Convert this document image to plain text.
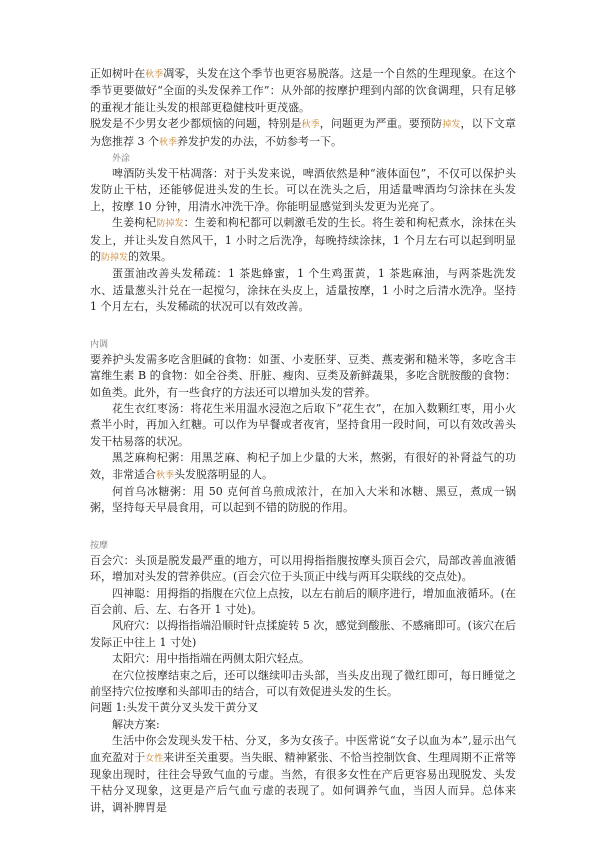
正如树叶在秋季凋零，头发在这个季节也更容易脱落。这是一个自然的生理现象。在这个季节更要做好“全面的头发保养工作”：从外部的按摩护理到内部的饮食调理，只有足够的重视才能让头发的根部更稳健枝叶更茂盛。

脱发是不少男女老少都烦恼的问题，特别是秋季，问题更为严重。要预防掉发，以下文章为您推荐 3 个秋季养发护发的办法，不妨参考一下。

外涂

啤酒防头发干枯凋落：对于头发来说，啤酒依然是种“液体面包”，不仅可以保护头发防止干枯，还能够促进头发的生长。可以在洗头之后，用适量啤酒均匀涂抹在头发上，按摩 10 分钟，用清水冲洗干净。你能明显感觉到头发更为光亮了。

生姜枸杞防掉发：生姜和枸杞都可以刺激毛发的生长。将生姜和枸杞煮水，涂抹在头发上，并让头发自然风干，1 小时之后洗净，每晚持续涂抹，1 个月左右可以起到明显的防掉发的效果。

蛋蛋油改善头发稀疏：1 茶匙蜂蜜，1 个生鸡蛋黄，1 茶匙麻油，与两茶匙洗发水、适量葱头汁兑在一起搅匀，涂抹在头皮上，适量按摩，1 小时之后清水洗净。坚持 1 个月左右，头发稀疏的状况可以有效改善。

内调

要养护头发需多吃含胆碱的食物：如蛋、小麦胚芽、豆类、燕麦粥和糙米等，多吃含丰富维生素 B 的食物：如全谷类、肝脏、瘦肉、豆类及新鲜蔬果，多吃含胱胺酸的食物：如鱼类。此外，有一些食疗的方法还可以增加头发的营养。

花生衣红枣汤：将花生米用温水浸泡之后取下“花生衣”，在加入数颗红枣，用小火煮半小时，再加入红糖。可以作为早餐或者夜宵，坚持食用一段时间，可以有效改善头发干枯易落的状况。

黑芝麻枸杞粥：用黑芝麻、枸杞子加上少量的大米，熬粥，有很好的补肾益气的功效，非常适合秋季头发脱落明显的人。

何首乌冰糖粥：用 50 克何首乌煎成浓汁，在加入大米和冰糖、黑豆，煮成一锅粥，坚持每天早晨食用，可以起到不错的防脱的作用。

按摩

百会穴：头顶是脱发最严重的地方，可以用拇指指腹按摩头顶百会穴，局部改善血液循环，增加对头发的营养供应。(百会穴位于头顶正中线与两耳尖联线的交点处)。

四神聪：用拇指的指腹在穴位上点按，以左右前后的顺序进行，增加血液循环。(在百会前、后、左、右各开 1 寸处)。

风府穴：以拇指指端沿顺时针点揉旋转 5 次，感觉到酸胀、不感痛即可。(该穴在后发际正中往上 1 寸处)

太阳穴：用中指指端在两侧太阳穴轻点。

在穴位按摩结束之后，还可以继续叩击头部，当头皮出现了微红即可，每日睡觉之前坚持穴位按摩和头部叩击的结合，可以有效促进头发的生长。

问题 1:头发干黄分叉头发干黄分叉

解决方案:

生活中你会发现头发干枯、分叉，多为女孩子。中医常说“女子以血为本”,显示出气血充盈对于女性来讲至关重要。当失眠、精神紧张、不恰当控制饮食、生理周期不正常等现象出现时，往往会导致气血的亏虚。当然，有很多女性在产后更容易出现脱发、头发干枯分叉现象，这更是产后气血亏虚的表现了。如何调养气血，当因人而异。总体来讲，调补脾胃是
